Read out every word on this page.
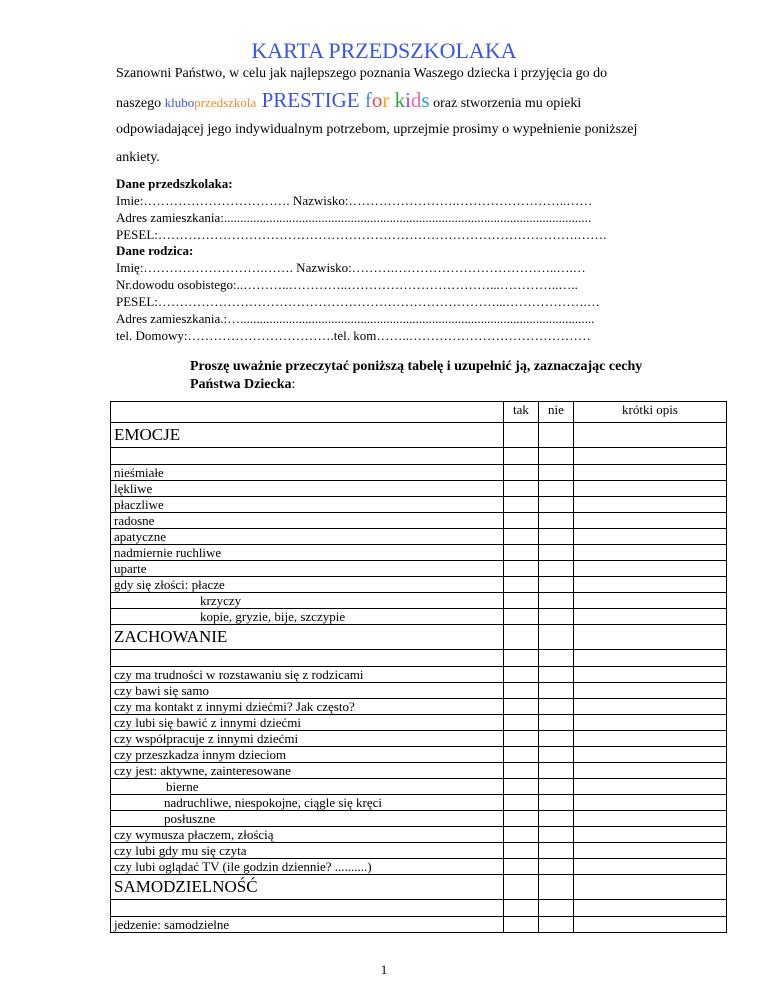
KARTA PRZEDSZKOLAKA
Szanowni Państwo, w celu jak najlepszego poznania Waszego dziecka i przyjęcia go do
naszego kluboprzedszkola PRESTIGE for kids oraz stworzenia mu opieki
odpowiadającej jego indywidualnym potrzebom, uprzejmie prosimy o wypełnienie poniższej
ankiety.
Dane przedszkolaka:
Imie:……………………………. Nazwisko:…………………….……………………..……
Adres zamieszkania:.................................................................................................................
PESEL:…………………………………………………………………………………….…….
Dane rodzica:
Imię:……………………….……. Nazwisko:……….………………………………..….…
Nr.dowodu osobistego:..………..…………..……………………………...…………..…..
PESEL:……………………………………………………………………...……………….…
Adres zamieszkania.:….............................................................................................................
tel. Domowy:…………………………….tel. kom……..……………………………………
Proszę uważnie przeczytać poniższą tabelę i uzupełnić ją, zaznaczając cechy Państwa Dziecka:
	tak	nie	krótki opis
EMOCJE			

nieśmiałe			
lękliwe			
płaczliwe			
radosne			
apatyczne			
nadmiernie ruchliwe			
uparte			
gdy się złości: płacze			
krzyczy			
kopie, gryzie, bije, szczypie			
ZACHOWANIE			

czy ma trudności w rozstawaniu się z rodzicami			
czy bawi się samo			
czy ma kontakt z innymi dziećmi? Jak często?			
czy lubi się bawić z innymi dziećmi			
czy współpracuje z innymi dziećmi			
czy przeszkadza innym dzieciom			
czy jest: aktywne, zainteresowane			
bierne			
nadruchliwe, niespokojne, ciągle się kręci			
posłuszne			
czy wymusza płaczem, złością			
czy lubi gdy mu się czyta			
czy lubi oglądać TV (ile godzin dziennie? ..........)			
SAMODZIELNOŚĆ			

jedzenie: samodzielne			
1
